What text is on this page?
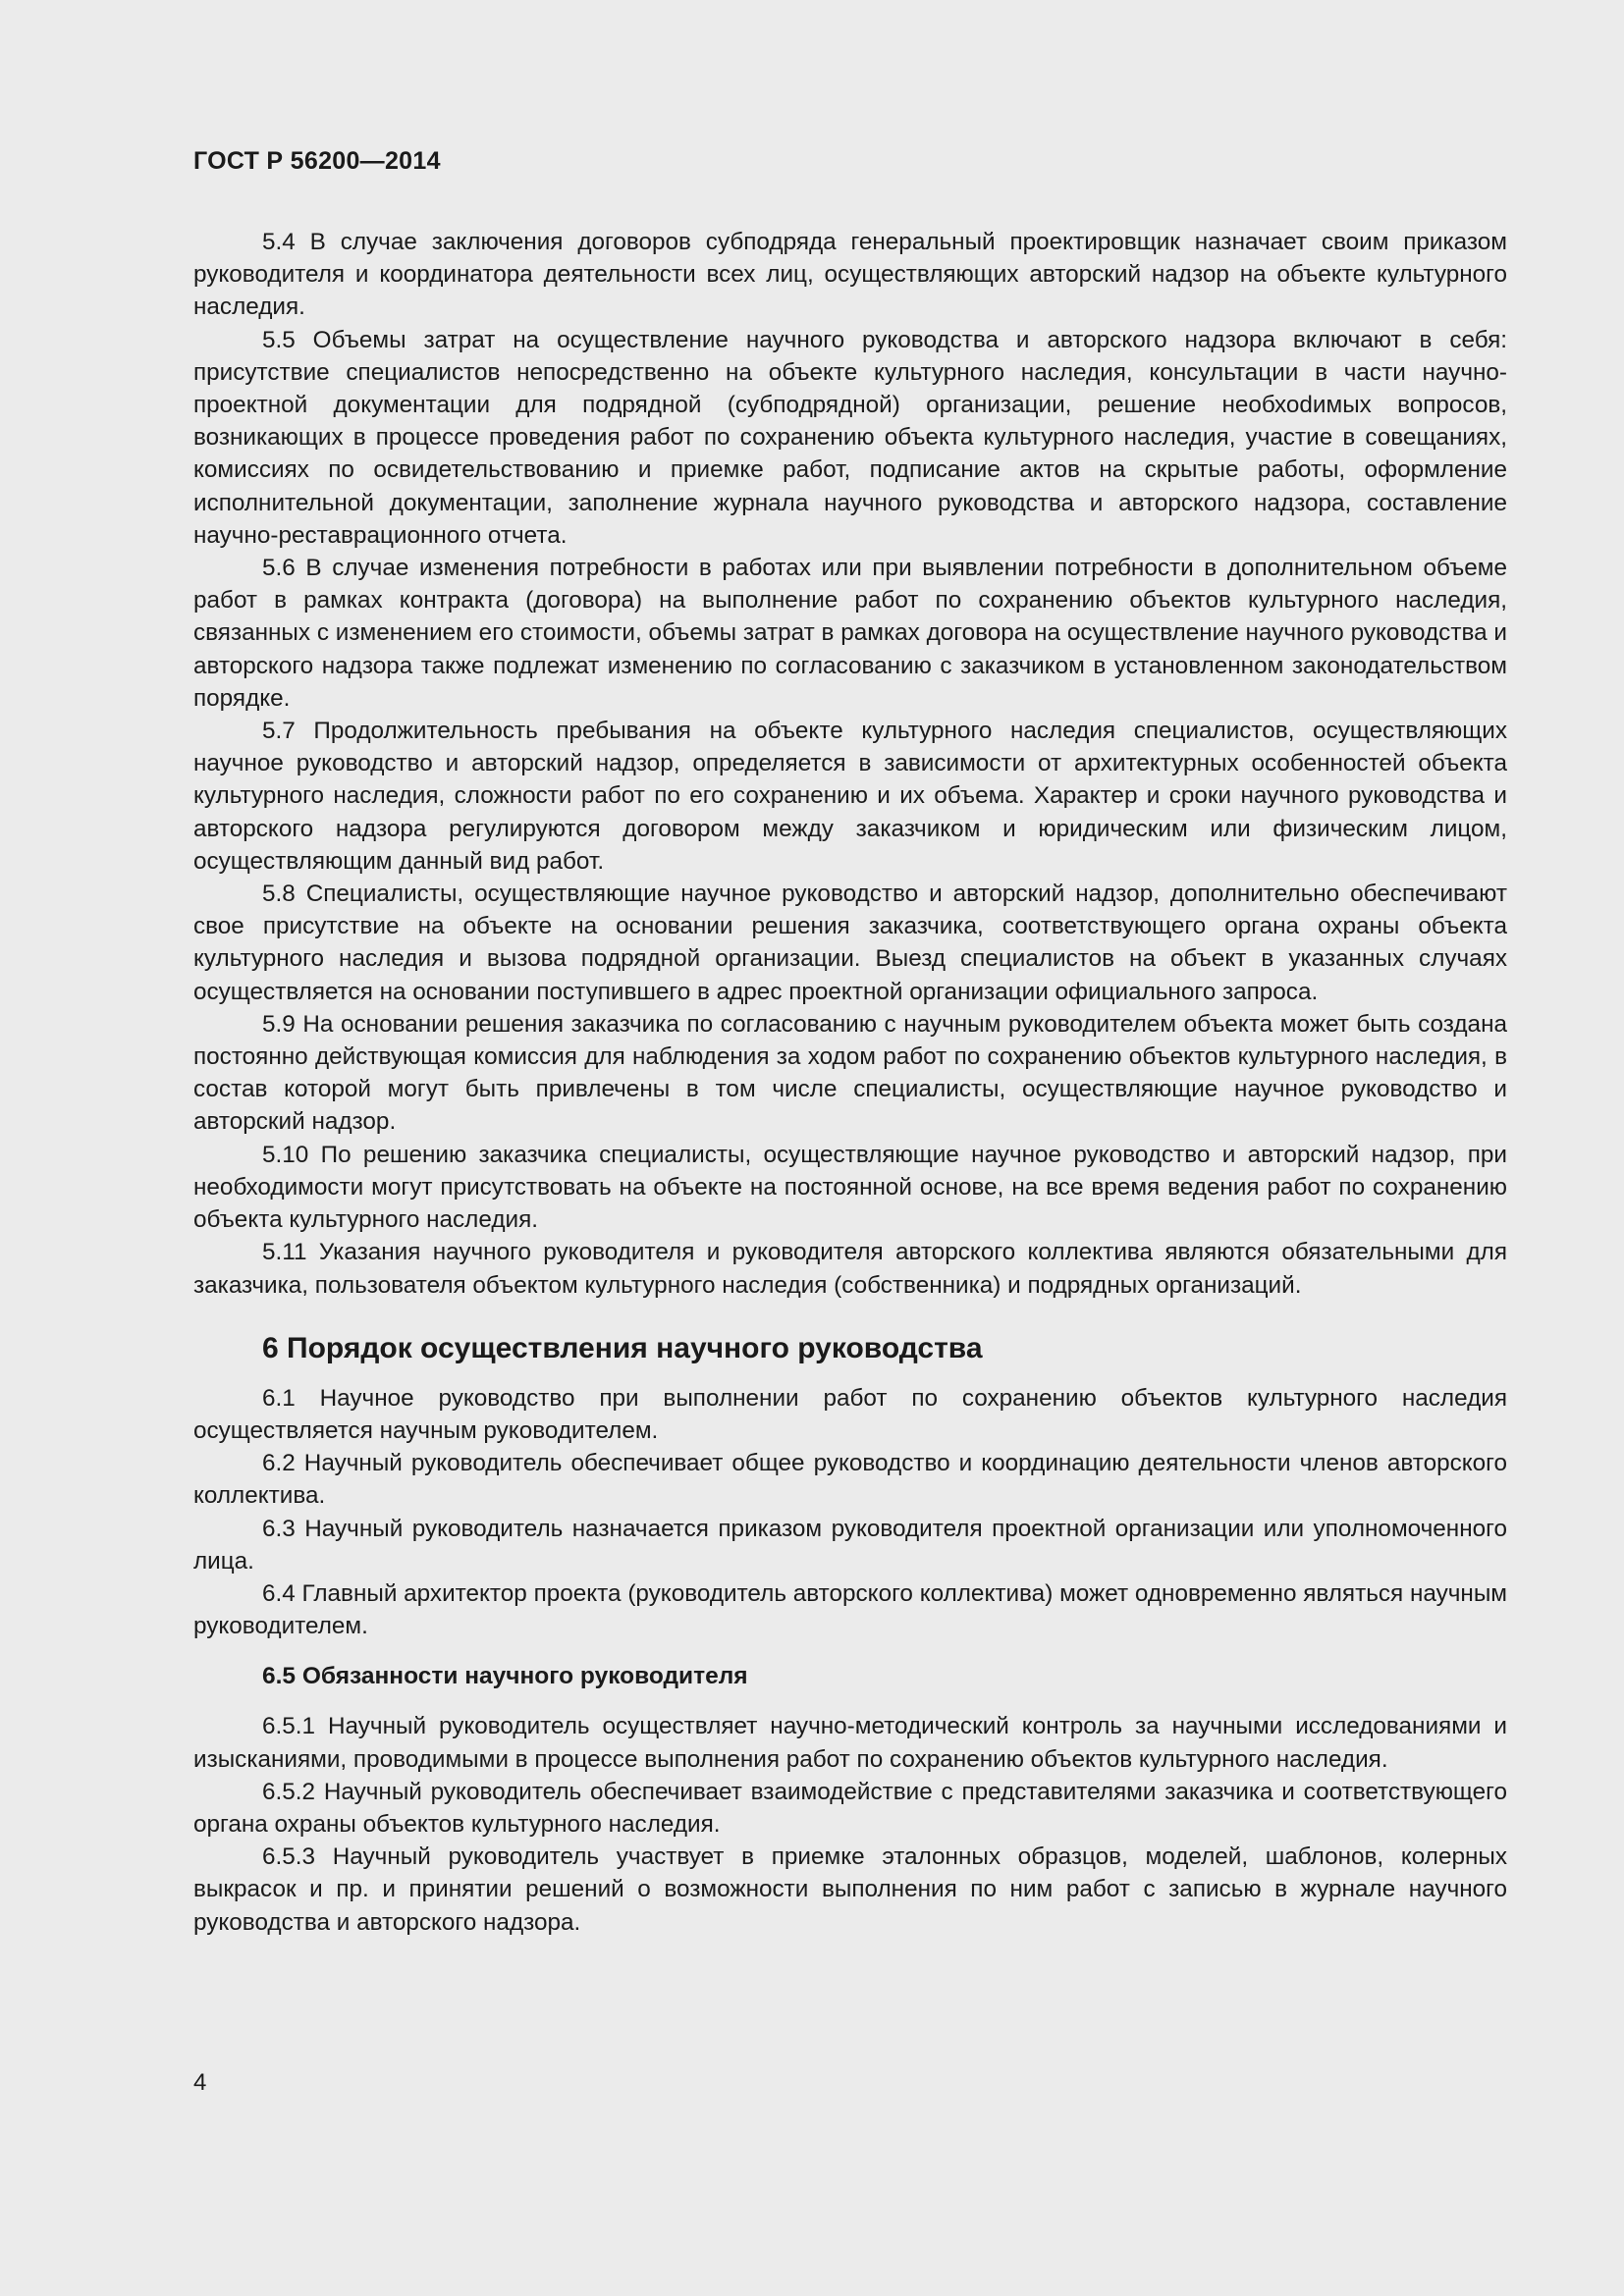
ГОСТ Р 56200—2014

5.4 В случае заключения договоров субподряда генеральный проектировщик назначает своим приказом руководителя и координатора деятельности всех лиц, осуществляющих авторский надзор на объекте культурного наследия.

5.5 Объемы затрат на осуществление научного руководства и авторского надзора включают в себя: присутствие специалистов непосредственно на объекте культурного наследия, консультации в части научно-проектной документации для подрядной (субподрядной) организации, решение необхоdимых вопросов, возникающих в процессе проведения работ по сохранению объекта культурного наследия, участие в совещаниях, комиссиях по освидетельствованию и приемке работ, подписание актов на скрытые работы, оформление исполнительной документации, заполнение журнала научного руководства и авторского надзора, составление научно-реставрационного отчета.

5.6 В случае изменения потребности в работах или при выявлении потребности в дополнительном объеме работ в рамках контракта (договора) на выполнение работ по сохранению объектов культурного наследия, связанных с изменением его стоимости, объемы затрат в рамках договора на осуществление научного руководства и авторского надзора также подлежат изменению по согласованию с заказчиком в установленном законодательством порядке.

5.7 Продолжительность пребывания на объекте культурного наследия специалистов, осуществляющих научное руководство и авторский надзор, определяется в зависимости от архитектурных особенностей объекта культурного наследия, сложности работ по его сохранению и их объема. Характер и сроки научного руководства и авторского надзора регулируются договором между заказчиком и юридическим или физическим лицом, осуществляющим данный вид работ.

5.8 Специалисты, осуществляющие научное руководство и авторский надзор, дополнительно обеспечивают свое присутствие на объекте на основании решения заказчика, соответствующего органа охраны объекта культурного наследия и вызова подрядной организации. Выезд специалистов на объект в указанных случаях осуществляется на основании поступившего в адрес проектной организации официального запроса.

5.9 На основании решения заказчика по согласованию с научным руководителем объекта может быть создана постоянно действующая комиссия для наблюдения за ходом работ по сохранению объектов культурного наследия, в состав которой могут быть привлечены в том числе специалисты, осуществляющие научное руководство и авторский надзор.

5.10 По решению заказчика специалисты, осуществляющие научное руководство и авторский надзор, при необходимости могут присутствовать на объекте на постоянной основе, на все время ведения работ по сохранению объекта культурного наследия.

5.11 Указания научного руководителя и руководителя авторского коллектива являются обязательными для заказчика, пользователя объектом культурного наследия (собственника) и подрядных организаций.

6 Порядок осуществления научного руководства

6.1 Научное руководство при выполнении работ по сохранению объектов культурного наследия осуществляется научным руководителем.

6.2 Научный руководитель обеспечивает общее руководство и координацию деятельности членов авторского коллектива.

6.3 Научный руководитель назначается приказом руководителя проектной организации или уполномоченного лица.

6.4 Главный архитектор проекта (руководитель авторского коллектива) может одновременно являться научным руководителем.

6.5 Обязанности научного руководителя

6.5.1 Научный руководитель осуществляет научно-методический контроль за научными исследованиями и изысканиями, проводимыми в процессе выполнения работ по сохранению объектов культурного наследия.

6.5.2 Научный руководитель обеспечивает взаимодействие с представителями заказчика и соответствующего органа охраны объектов культурного наследия.

6.5.3 Научный руководитель участвует в приемке эталонных образцов, моделей, шаблонов, колерных выкрасок и пр. и принятии решений о возможности выполнения по ним работ с записью в журнале научного руководства и авторского надзора.

4
